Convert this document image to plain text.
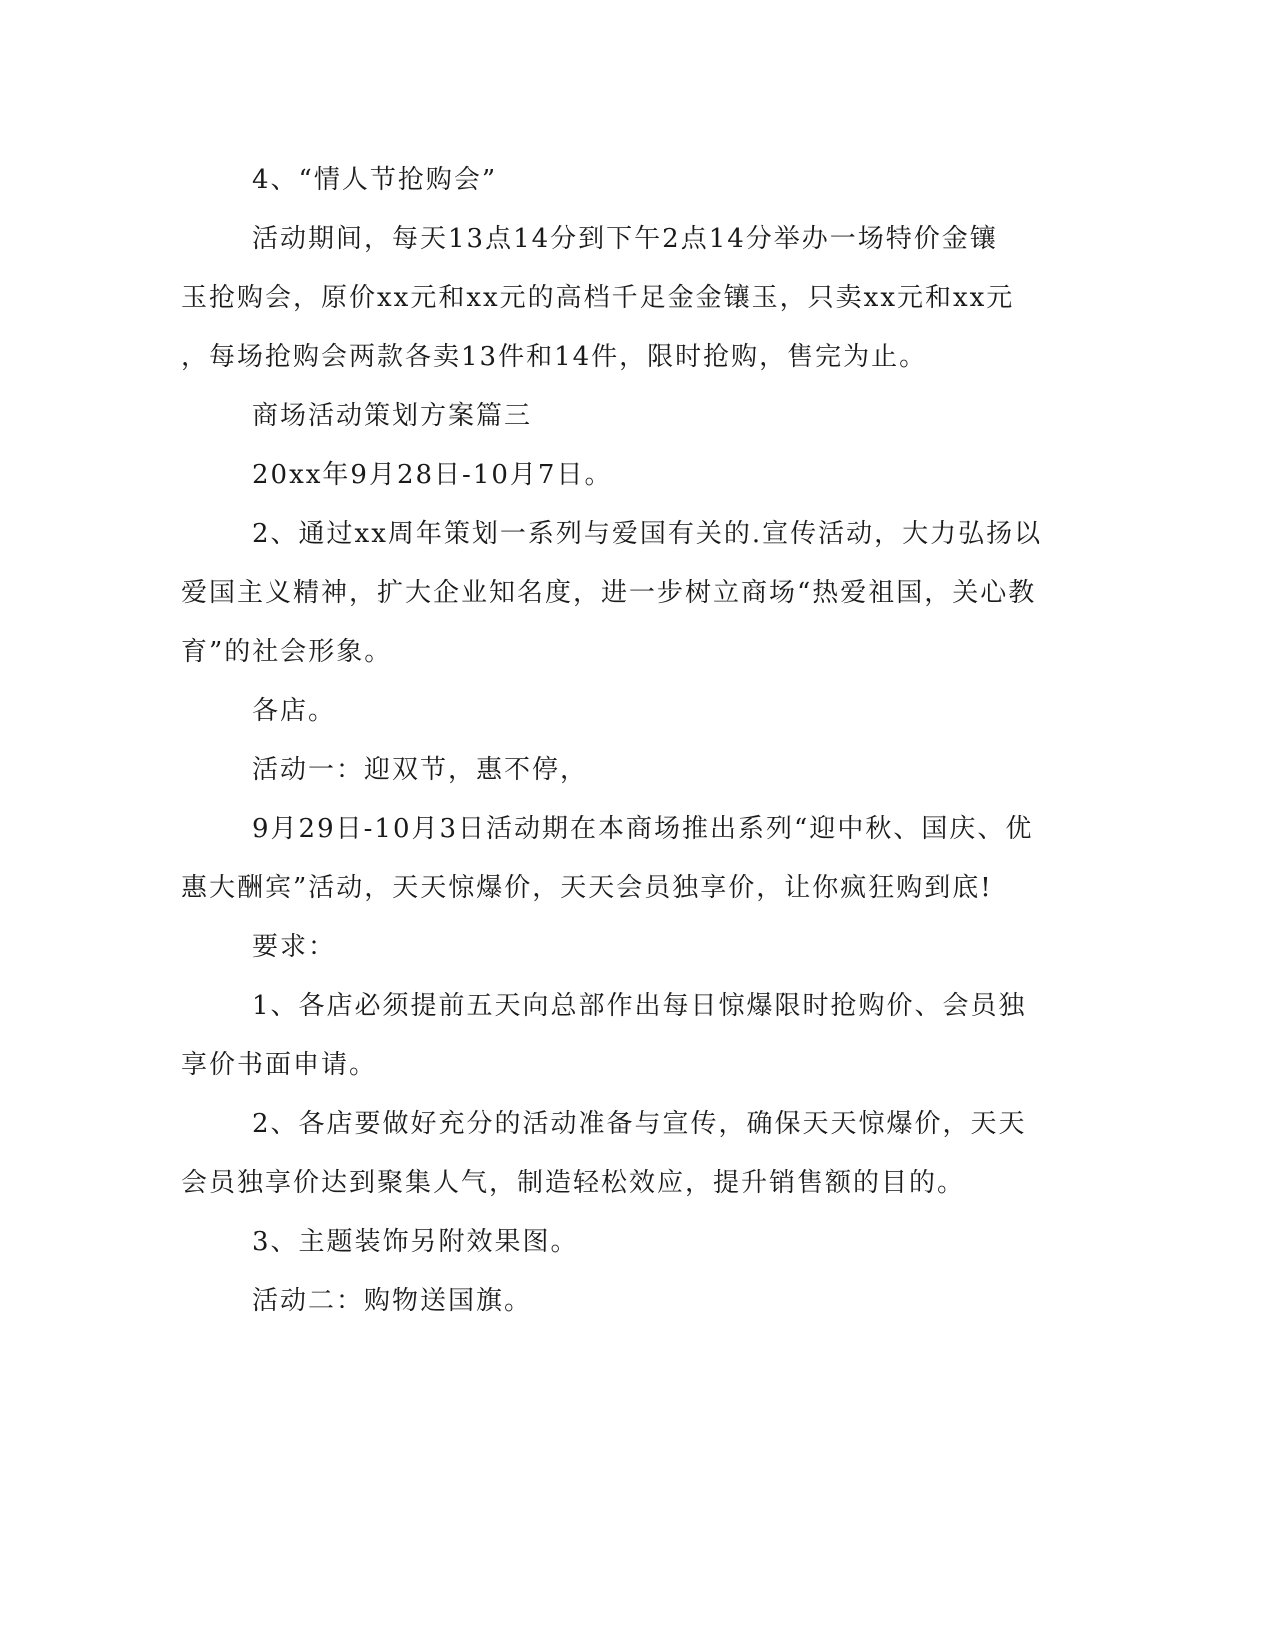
4、“情人节抢购会”
活动期间，每天13点14分到下午2点14分举办一场特价金镶
玉抢购会，原价xx元和xx元的高档千足金金镶玉，只卖xx元和xx元
，每场抢购会两款各卖13件和14件，限时抢购，售完为止。
商场活动策划方案篇三
20xx年9月28日-10月7日。
2、通过xx周年策划一系列与爱国有关的.宣传活动，大力弘扬以
爱国主义精神，扩大企业知名度，进一步树立商场“热爱祖国，关心教
育”的社会形象。
各店。
活动一：迎双节，惠不停，
9月29日-10月3日活动期在本商场推出系列“迎中秋、国庆、优
惠大酬宾”活动，天天惊爆价，天天会员独享价，让你疯狂购到底!
要求：
1、各店必须提前五天向总部作出每日惊爆限时抢购价、会员独
享价书面申请。
2、各店要做好充分的活动准备与宣传，确保天天惊爆价，天天
会员独享价达到聚集人气，制造轻松效应，提升销售额的目的。
3、主题装饰另附效果图。
活动二：购物送国旗。
